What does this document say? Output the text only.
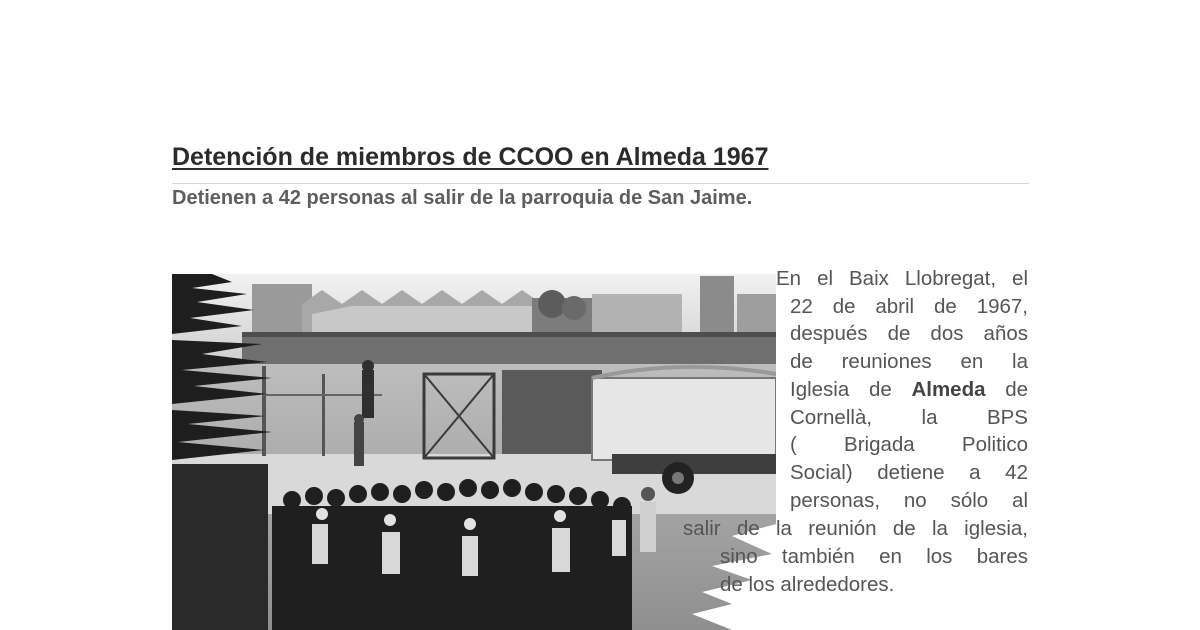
Detención de miembros de CCOO en Almeda 1967
Detienen a 42 personas al salir de la parroquia de San Jaime.

En el Baix Llobregat, el

22 de abril de 1967,

después de dos años

de reuniones en la

Iglesia de Almeda de

Cornellà, la BPS

( Brigada Politico

Social) detiene a 42

personas, no sólo al

salir de la reunión de la iglesia,

sino también en los bares

de los alrededores.
